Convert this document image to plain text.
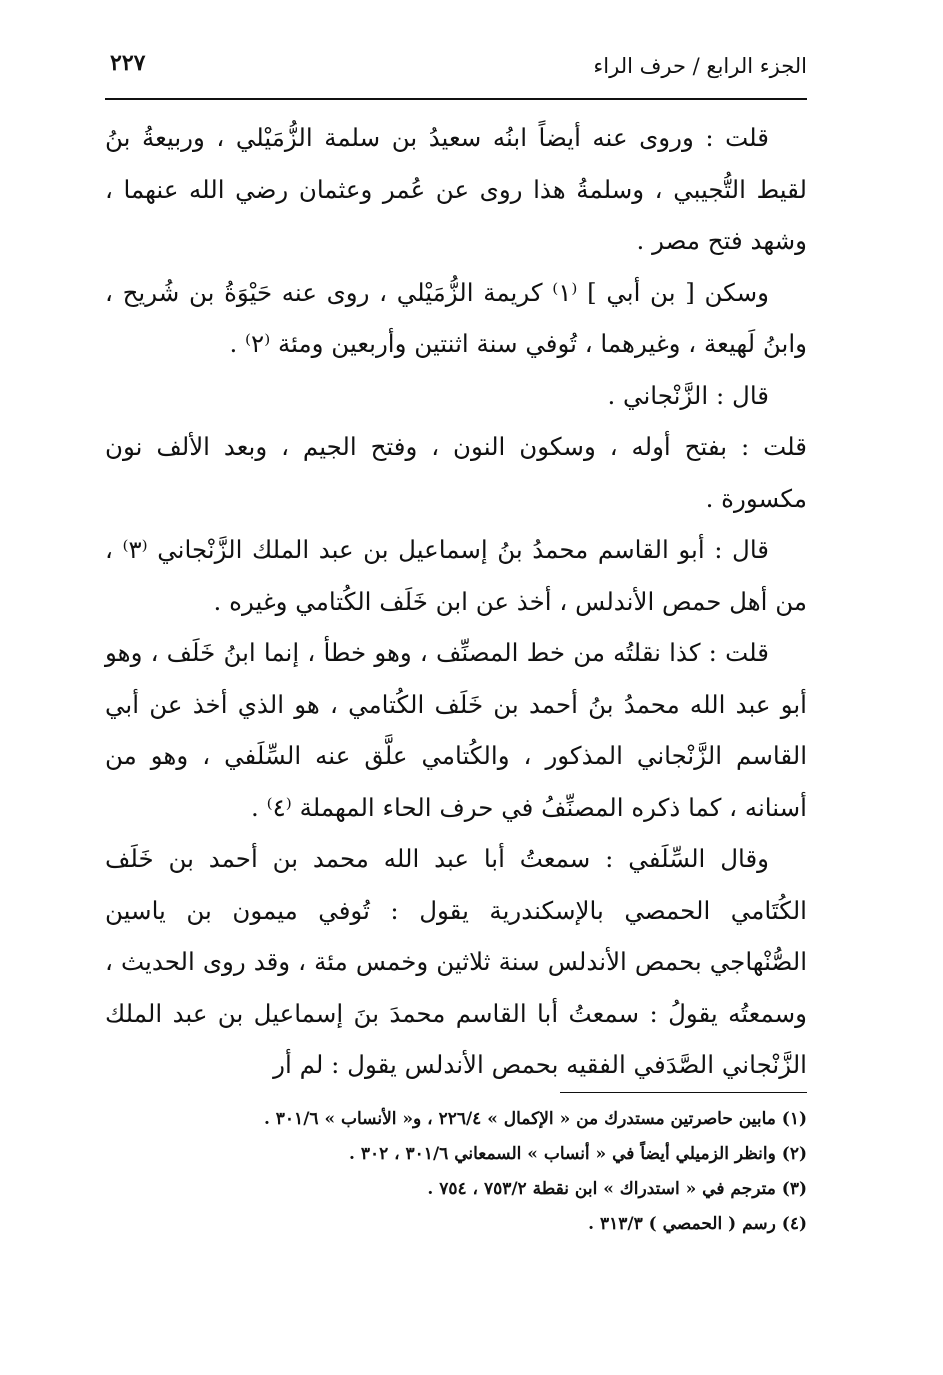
الجزء الرابع / حرف الراء
٢٢٧

قلت : وروى عنه أيضاً ابنُه سعيدُ بن سلمة الزُّمَيْلي ، وربيعةُ بنُ لقيط التُّجيبي ، وسلمةُ هذا روى عن عُمر وعثمان رضي الله عنهما ، وشهد فتح مصر .

وسكن [ بن أبي ] ⁽١⁾ كريمة الزُّمَيْلي ، روى عنه حَيْوَةُ بن شُريح ، وابنُ لَهيعة ، وغيرهما ، تُوفي سنة اثنتين وأربعين ومئة ⁽٢⁾ .

قال : الزَّنْجاني .

قلت : بفتح أوله ، وسكون النون ، وفتح الجيم ، وبعد الألف نون مكسورة .

قال : أبو القاسم محمدُ بنُ إسماعيل بن عبد الملك الزَّنْجاني ⁽٣⁾ ، من أهل حمص الأندلس ، أخذ عن ابن خَلَف الكُتامي وغيره .

قلت : كذا نقلتُه من خط المصنِّف ، وهو خطأ ، إنما ابنُ خَلَف ، وهو أبو عبد الله محمدُ بنُ أحمد بن خَلَف الكُتامي ، هو الذي أخذ عن أبي القاسم الزَّنْجاني المذكور ، والكُتامي علَّق عنه السِّلَفي ، وهو من أسنانه ، كما ذكره المصنِّفُ في حرف الحاء المهملة ⁽٤⁾ .

وقال السِّلَفي : سمعتُ أبا عبد الله محمد بن أحمد بن خَلَف الكُتَامي الحمصي بالإسكندرية يقول : تُوفي ميمون بن ياسين الصُّنْهاجي بحمص الأندلس سنة ثلاثين وخمس مئة ، وقد روى الحديث ، وسمعتُه يقولُ : سمعتُ أبا القاسم محمدَ بنَ إسماعيل بن عبد الملك الزَّنْجاني الصَّدَفي الفقيه بحمص الأندلس يقول : لم أر

(١) مابين حاصرتين مستدرك من « الإكمال » ٢٢٦/٤ ، و« الأنساب » ٣٠١/٦ .

(٢) وانظر الزميلي أيضاً في « أنساب » السمعاني ٣٠١/٦ ، ٣٠٢ .

(٣) مترجم في « استدراك » ابن نقطة ٧٥٣/٢ ، ٧٥٤ .

(٤) رسم ( الحمصي ) ٣١٣/٣ .
